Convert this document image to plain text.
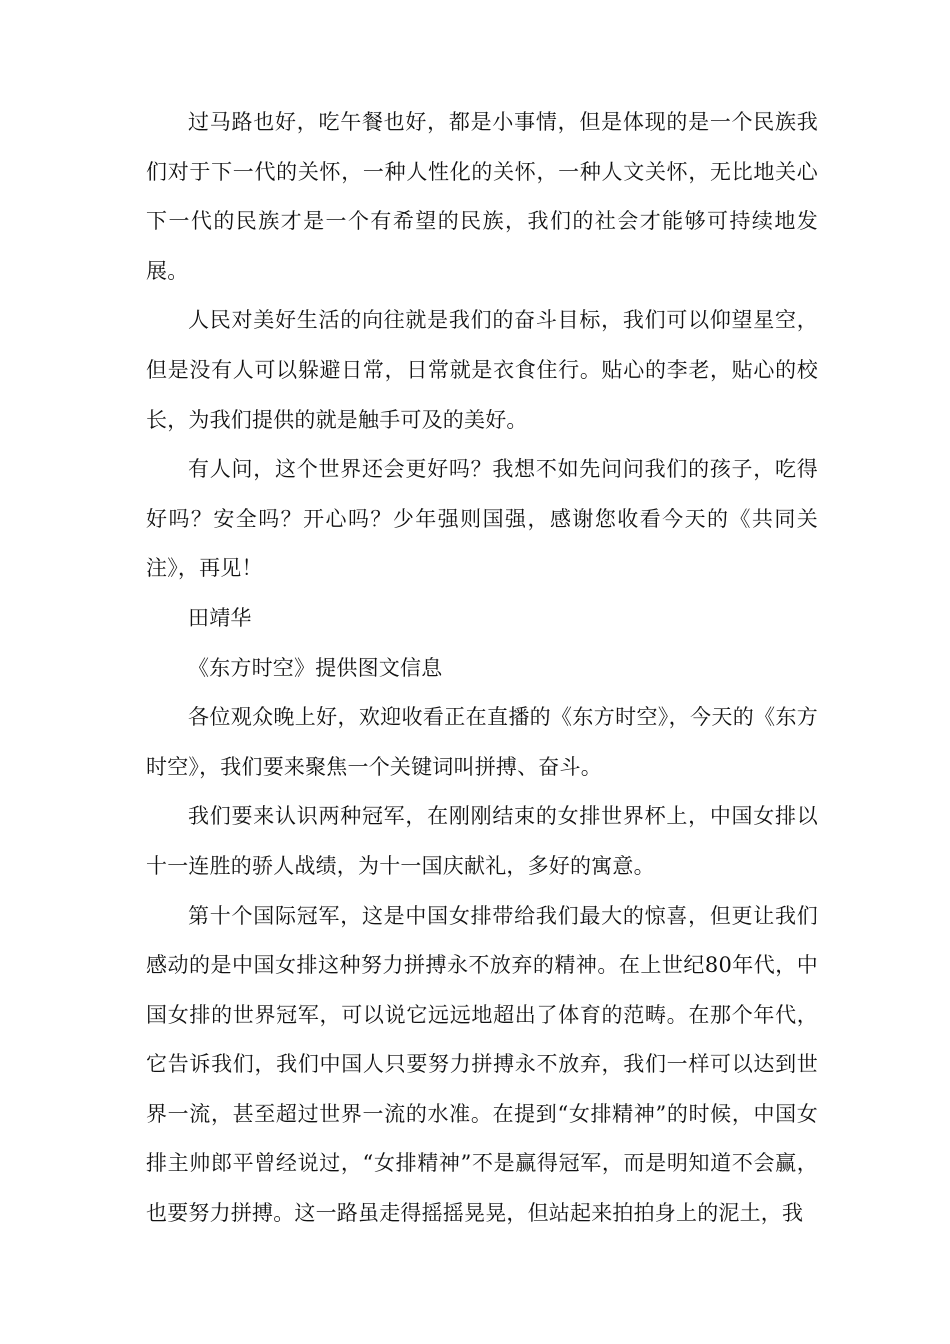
过马路也好，吃午餐也好，都是小事情，但是体现的是一个民族我们对于下一代的关怀，一种人性化的关怀，一种人文关怀，无比地关心下一代的民族才是一个有希望的民族，我们的社会才能够可持续地发展。

人民对美好生活的向往就是我们的奋斗目标，我们可以仰望星空，但是没有人可以躲避日常，日常就是衣食住行。贴心的李老，贴心的校长，为我们提供的就是触手可及的美好。

有人问，这个世界还会更好吗？我想不如先问问我们的孩子，吃得好吗？安全吗？开心吗？少年强则国强，感谢您收看今天的《共同关注》，再见！

田靖华

《东方时空》提供图文信息

各位观众晚上好，欢迎收看正在直播的《东方时空》，今天的《东方时空》，我们要来聚焦一个关键词叫拼搏、奋斗。

我们要来认识两种冠军，在刚刚结束的女排世界杯上，中国女排以十一连胜的骄人战绩，为十一国庆献礼，多好的寓意。

第十个国际冠军，这是中国女排带给我们最大的惊喜，但更让我们感动的是中国女排这种努力拼搏永不放弃的精神。在上世纪80年代，中国女排的世界冠军，可以说它远远地超出了体育的范畴。在那个年代，它告诉我们，我们中国人只要努力拼搏永不放弃，我们一样可以达到世界一流，甚至超过世界一流的水准。在提到“女排精神”的时候，中国女排主帅郎平曾经说过，“女排精神”不是赢得冠军，而是明知道不会赢，也要努力拼搏。这一路虽走得摇摇晃晃，但站起来拍拍身上的泥土，我
